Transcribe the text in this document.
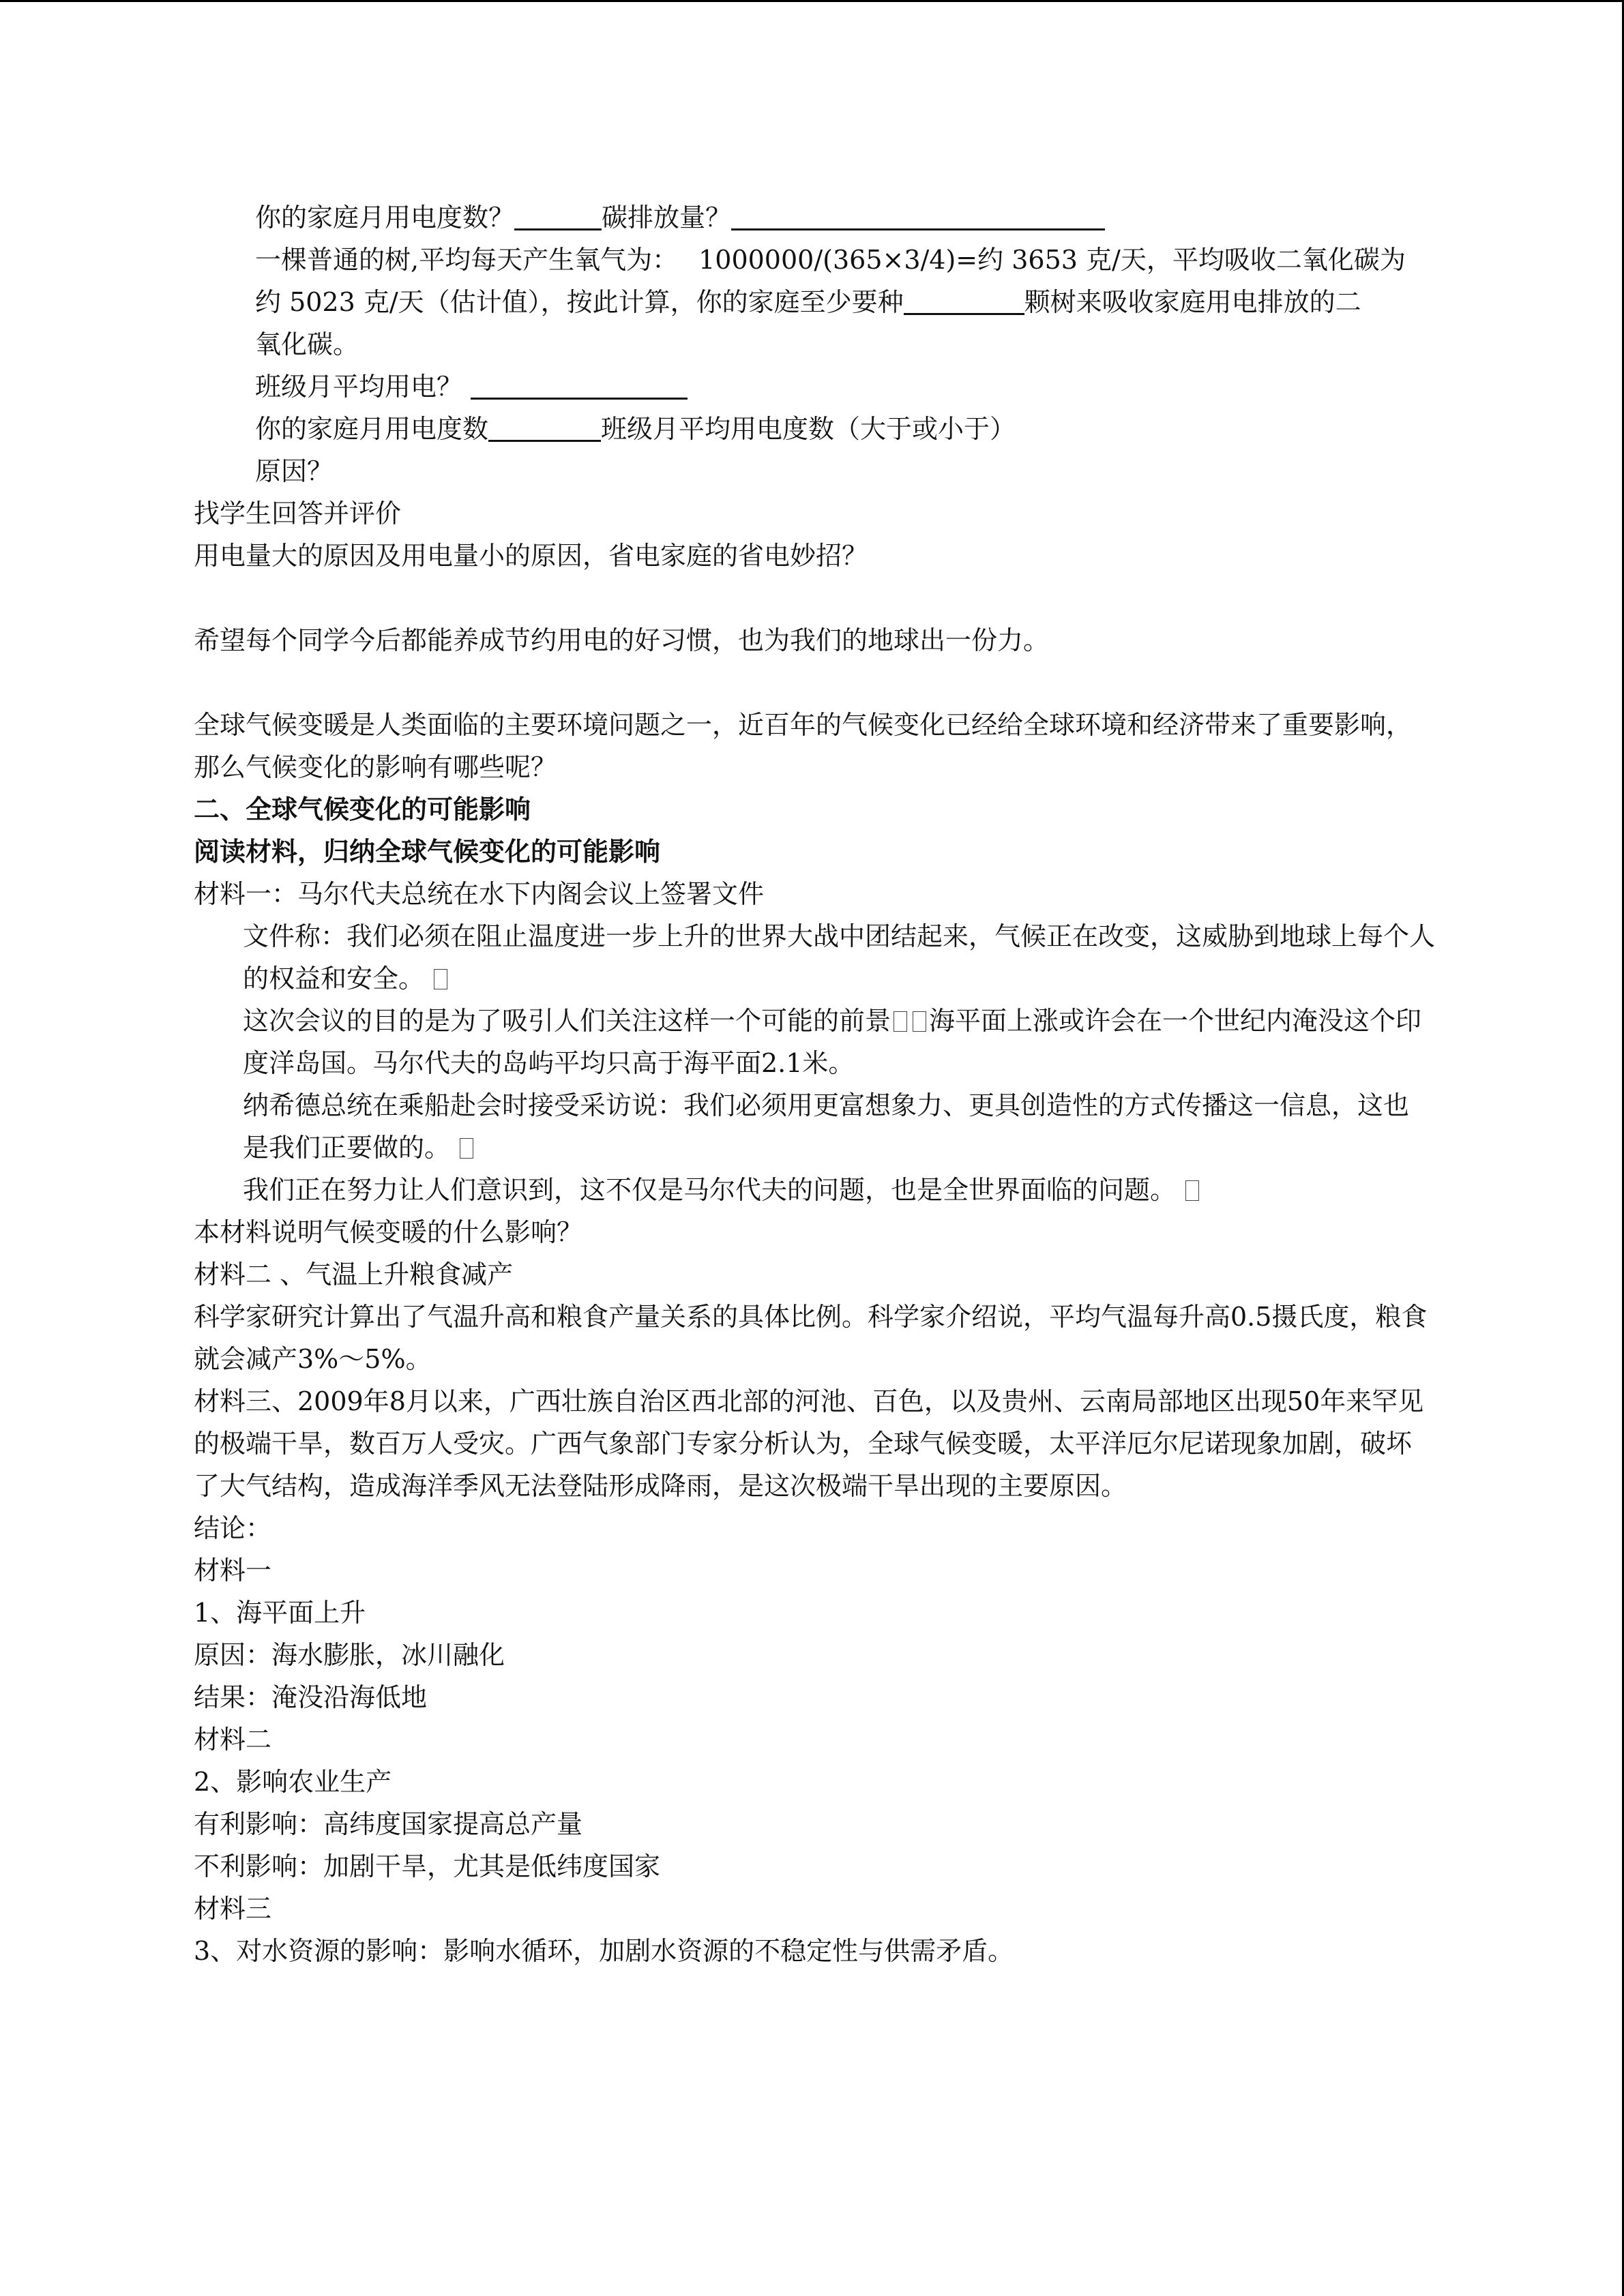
你的家庭月用电度数？	碳排放量？
一棵普通的树,平均每天产生氧气为： 1000000/(365×3/4)=约 3653 克/天，平均吸收二氧化碳为
约 5023 克/天（估计值），按此计算，你的家庭至少要种	颗树来吸收家庭用电排放的二
氧化碳。
班级月平均用电？
你的家庭月用电度数	班级月平均用电度数（大于或小于）
原因？
找学生回答并评价
用电量大的原因及用电量小的原因，省电家庭的省电妙招？
希望每个同学今后都能养成节约用电的好习惯，也为我们的地球出一份力。
全球气候变暖是人类面临的主要环境问题之一，近百年的气候变化已经给全球环境和经济带来了重要影响，那么气候变化的影响有哪些呢？
二、全球气候变化的可能影响
阅读材料，归纳全球气候变化的可能影响
材料一：马尔代夫总统在水下内阁会议上签署文件
文件称：我们必须在阻止温度进一步上升的世界大战中团结起来，气候正在改变，这威胁到地球上每个人的权益和安全。
这次会议的目的是为了吸引人们关注这样一个可能的前景 海平面上涨或许会在一个世纪内淹没这个印度洋岛国。马尔代夫的岛屿平均只高于海平面2.1米。
纳希德总统在乘船赴会时接受采访说：我们必须用更富想象力、更具创造性的方式传播这一信息，这也是我们正要做的。
我们正在努力让人们意识到，这不仅是马尔代夫的问题，也是全世界面临的问题。
本材料说明气候变暖的什么影响？
材料二 、气温上升粮食减产
科学家研究计算出了气温升高和粮食产量关系的具体比例。科学家介绍说，平均气温每升高0.5摄氏度，粮食就会减产3%～5%。
材料三、2009年8月以来，广西壮族自治区西北部的河池、百色，以及贵州、云南局部地区出现50年来罕见的极端干旱，数百万人受灾。广西气象部门专家分析认为，全球气候变暖，太平洋厄尔尼诺现象加剧，破坏了大气结构，造成海洋季风无法登陆形成降雨，是这次极端干旱出现的主要原因。
结论：
材料一
1、海平面上升
原因：海水膨胀，冰川融化
结果：淹没沿海低地
材料二
2、影响农业生产
有利影响：高纬度国家提高总产量
不利影响：加剧干旱，尤其是低纬度国家
材料三
3、对水资源的影响：影响水循环，加剧水资源的不稳定性与供需矛盾。
